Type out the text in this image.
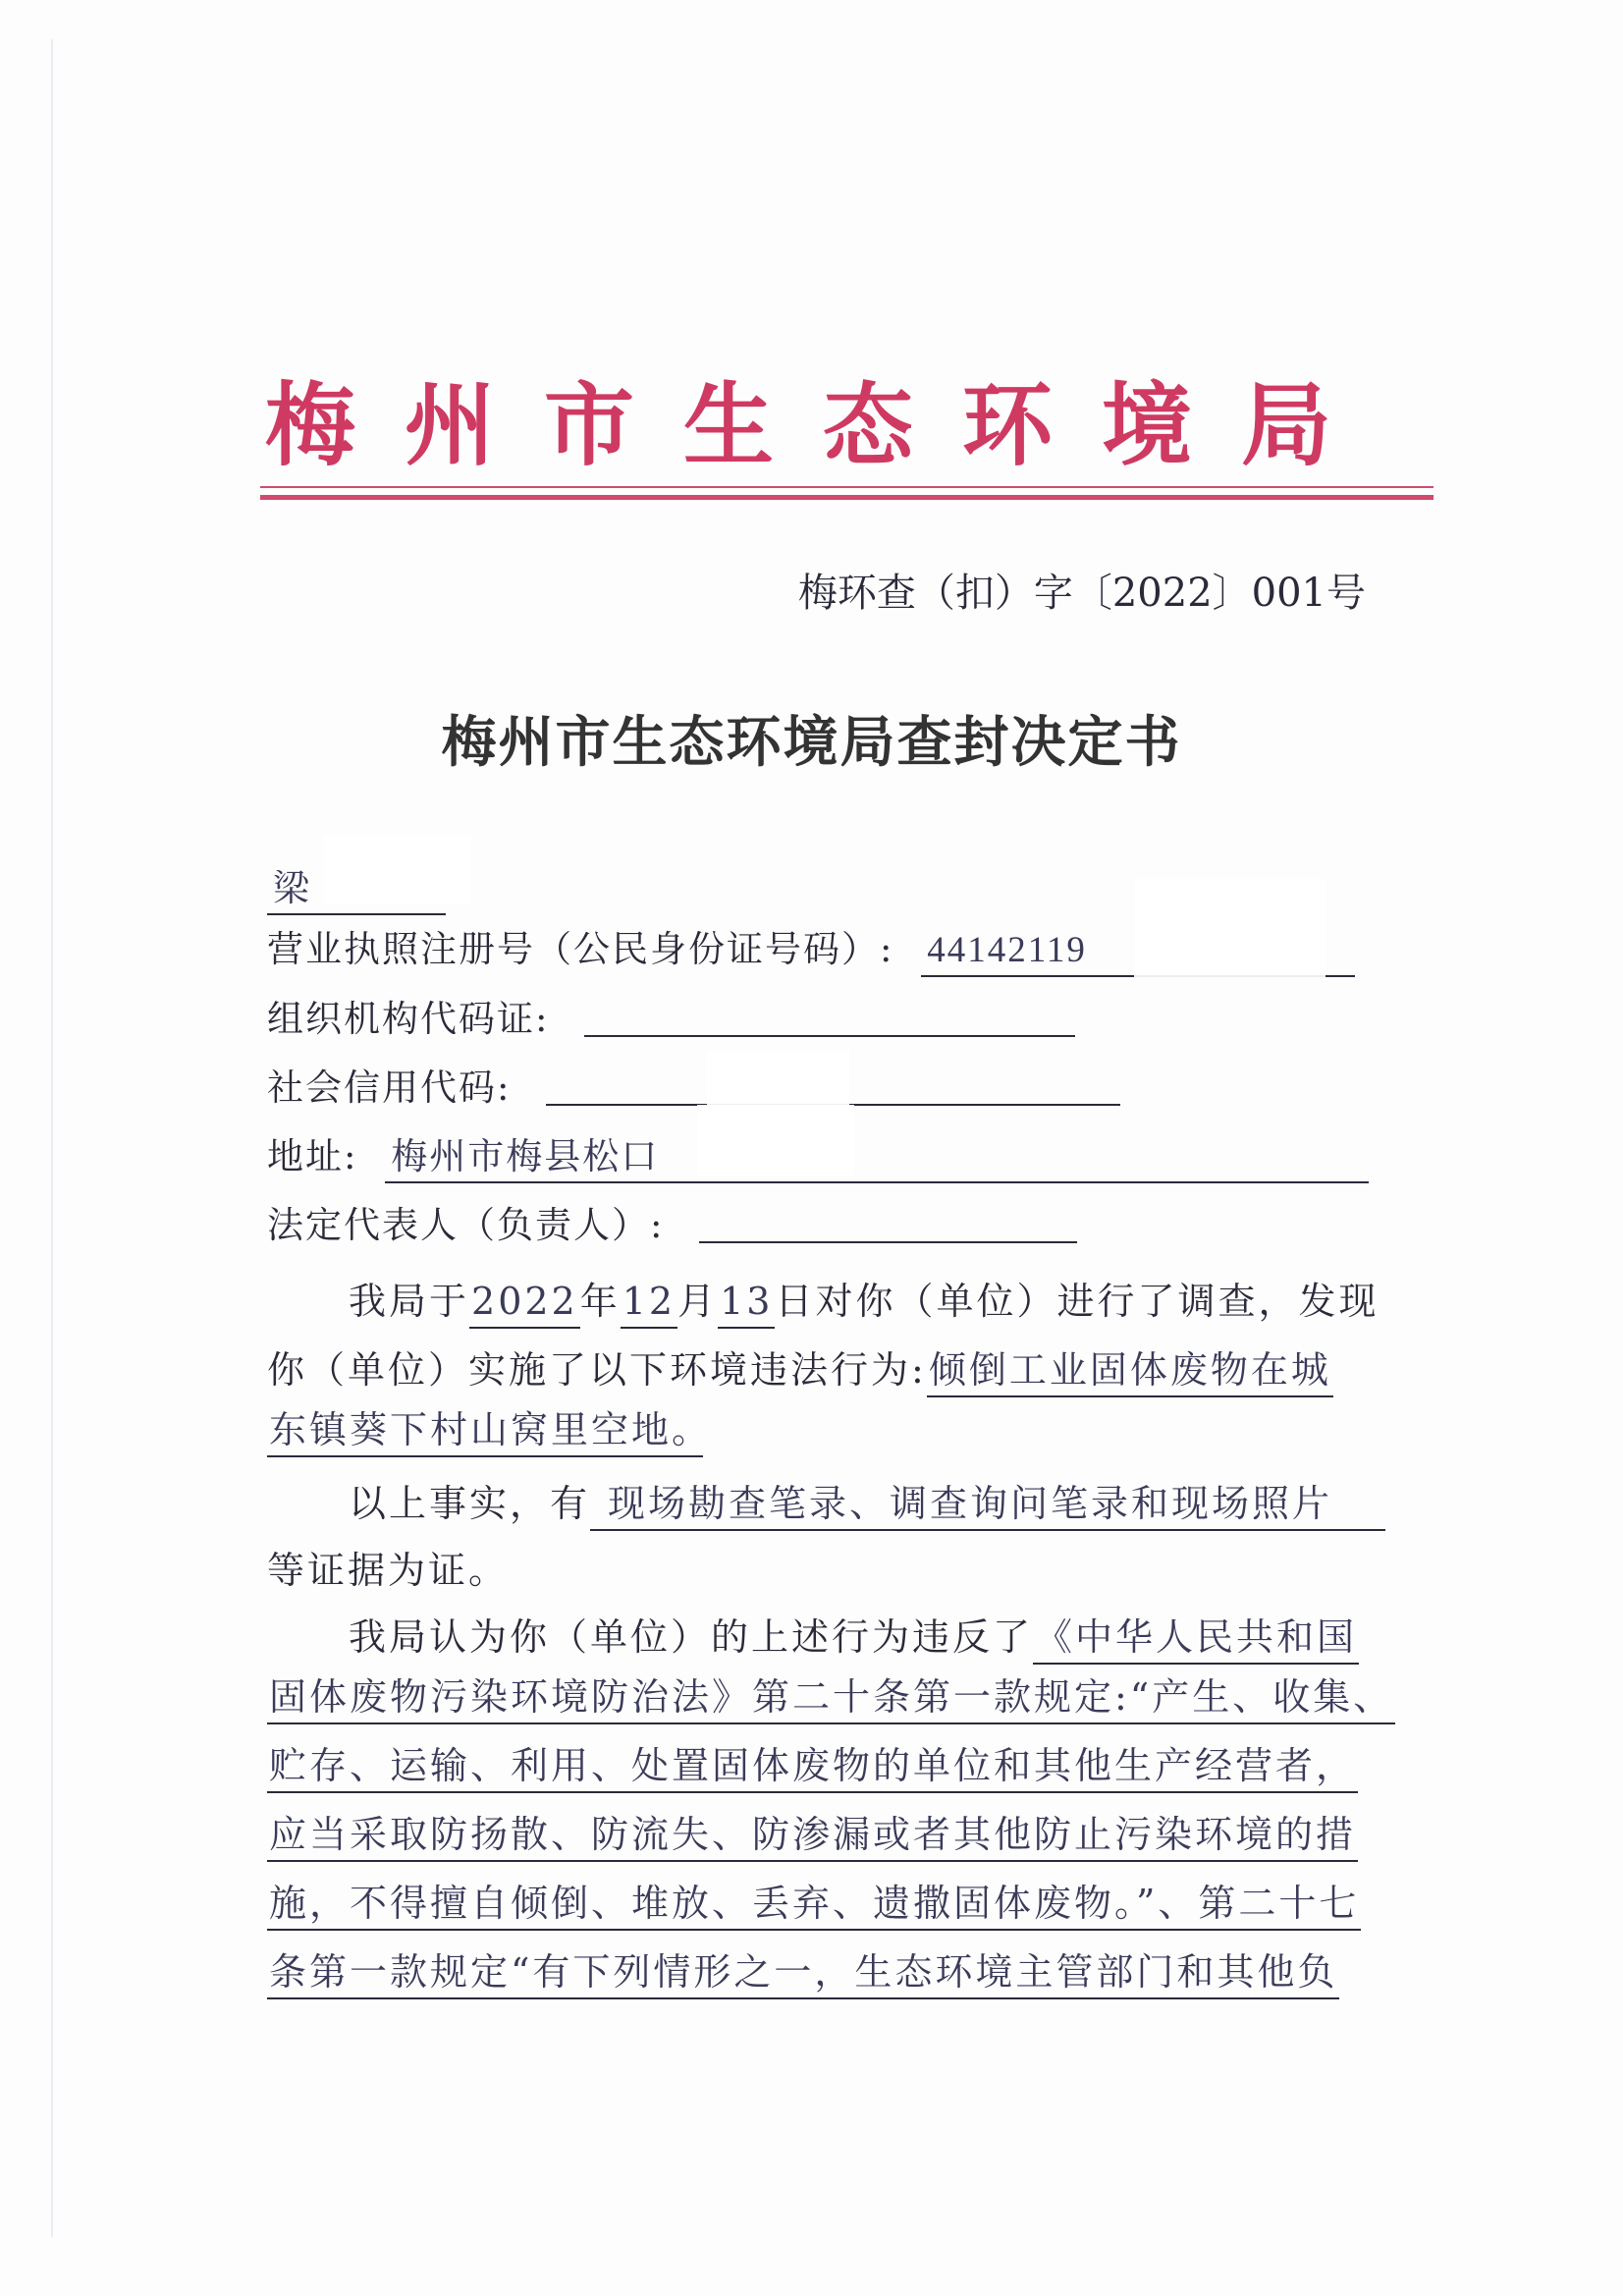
梅州市生态环境局
梅环查（扣）字〔2022〕001号
梅州市生态环境局查封决定书
梁
营业执照注册号（公民身份证号码）: 44142119
组织机构代码证:
社会信用代码:
地址: 梅州市梅县松口
法定代表人（负责人）:
我局于2022年12月13日对你（单位）进行了调查，发现
你（单位）实施了以下环境违法行为:倾倒工业固体废物在城
东镇葵下村山窝里空地。
以上事实，有 现场勘查笔录、调查询问笔录和现场照片
等证据为证。
我局认为你（单位）的上述行为违反了《中华人民共和国
固体废物污染环境防治法》第二十条第一款规定:“产生、收集、
贮存、运输、利用、处置固体废物的单位和其他生产经营者，
应当采取防扬散、防流失、防渗漏或者其他防止污染环境的措
施，不得擅自倾倒、堆放、丢弃、遗撒固体废物。”、第二十七
条第一款规定“有下列情形之一，生态环境主管部门和其他负
